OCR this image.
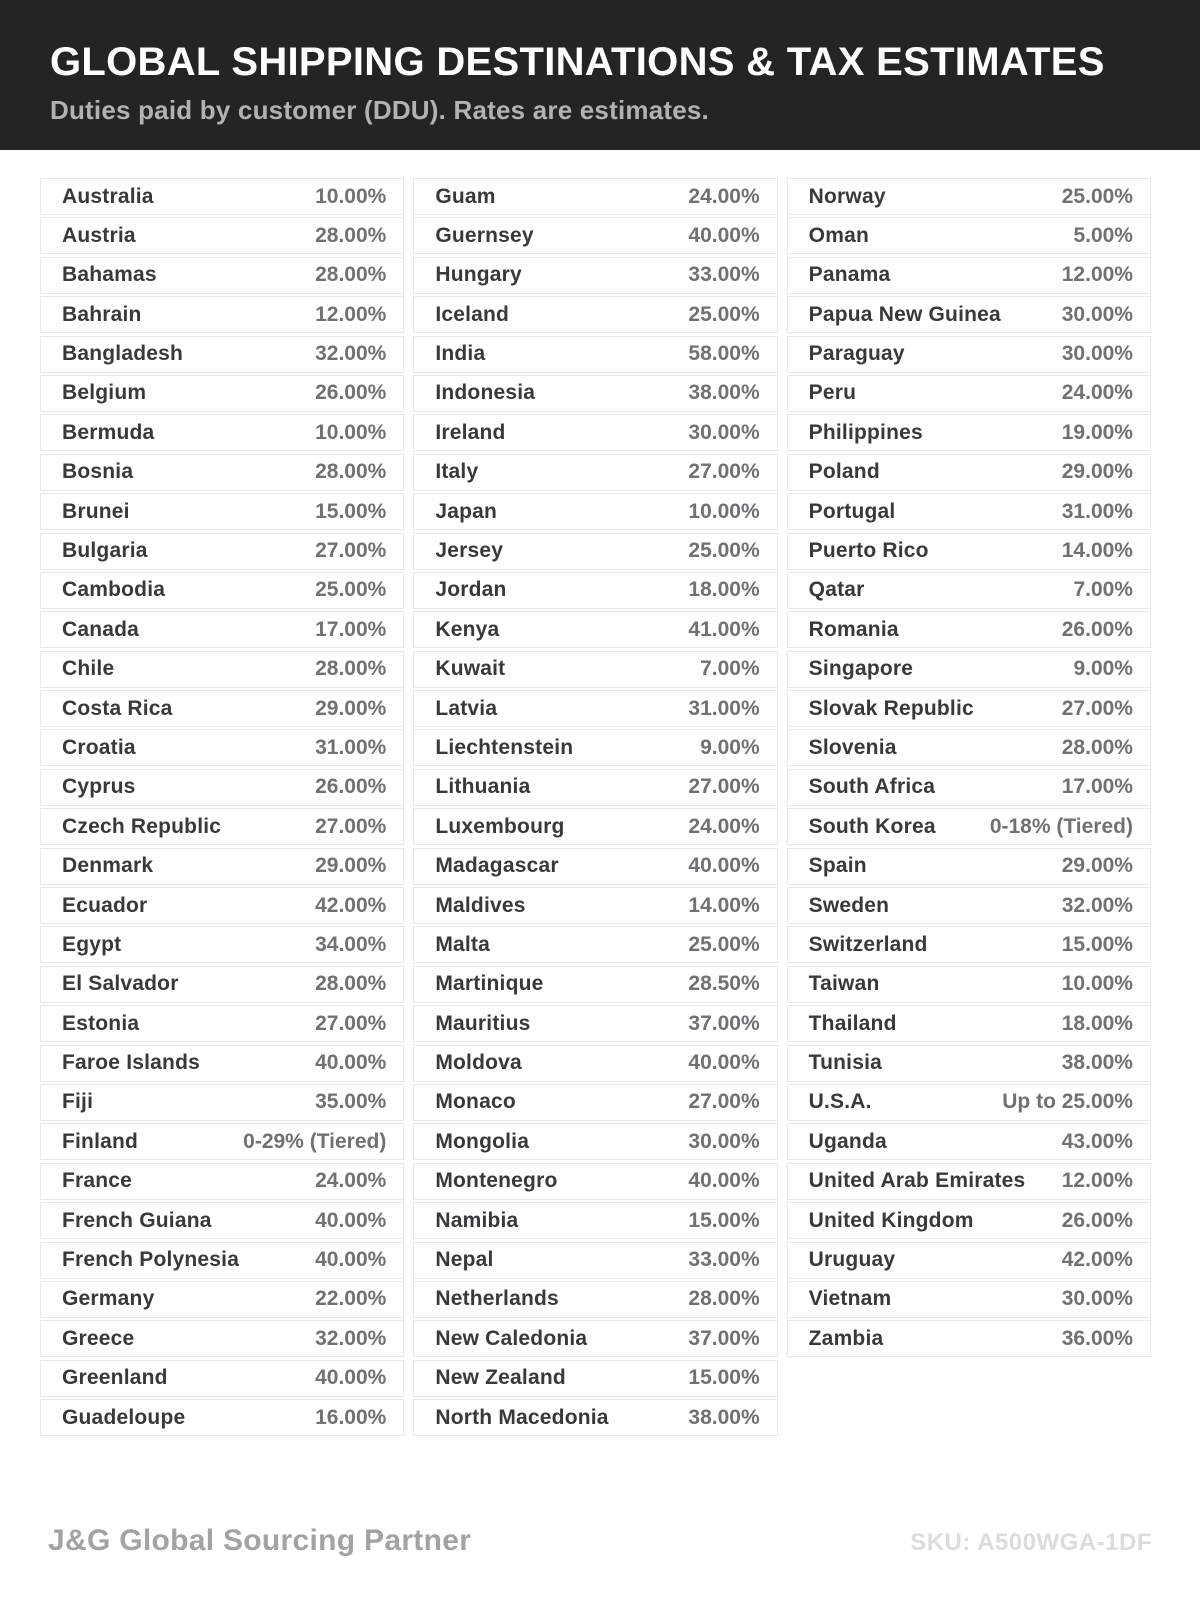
GLOBAL SHIPPING DESTINATIONS & TAX ESTIMATES
Duties paid by customer (DDU). Rates are estimates.
Australia	10.00%
Austria	28.00%
Bahamas	28.00%
Bahrain	12.00%
Bangladesh	32.00%
Belgium	26.00%
Bermuda	10.00%
Bosnia	28.00%
Brunei	15.00%
Bulgaria	27.00%
Cambodia	25.00%
Canada	17.00%
Chile	28.00%
Costa Rica	29.00%
Croatia	31.00%
Cyprus	26.00%
Czech Republic	27.00%
Denmark	29.00%
Ecuador	42.00%
Egypt	34.00%
El Salvador	28.00%
Estonia	27.00%
Faroe Islands	40.00%
Fiji	35.00%
Finland	0-29% (Tiered)
France	24.00%
French Guiana	40.00%
French Polynesia	40.00%
Germany	22.00%
Greece	32.00%
Greenland	40.00%
Guadeloupe	16.00%
Guam	24.00%
Guernsey	40.00%
Hungary	33.00%
Iceland	25.00%
India	58.00%
Indonesia	38.00%
Ireland	30.00%
Italy	27.00%
Japan	10.00%
Jersey	25.00%
Jordan	18.00%
Kenya	41.00%
Kuwait	7.00%
Latvia	31.00%
Liechtenstein	9.00%
Lithuania	27.00%
Luxembourg	24.00%
Madagascar	40.00%
Maldives	14.00%
Malta	25.00%
Martinique	28.50%
Mauritius	37.00%
Moldova	40.00%
Monaco	27.00%
Mongolia	30.00%
Montenegro	40.00%
Namibia	15.00%
Nepal	33.00%
Netherlands	28.00%
New Caledonia	37.00%
New Zealand	15.00%
North Macedonia	38.00%
Norway	25.00%
Oman	5.00%
Panama	12.00%
Papua New Guinea	30.00%
Paraguay	30.00%
Peru	24.00%
Philippines	19.00%
Poland	29.00%
Portugal	31.00%
Puerto Rico	14.00%
Qatar	7.00%
Romania	26.00%
Singapore	9.00%
Slovak Republic	27.00%
Slovenia	28.00%
South Africa	17.00%
South Korea	0-18% (Tiered)
Spain	29.00%
Sweden	32.00%
Switzerland	15.00%
Taiwan	10.00%
Thailand	18.00%
Tunisia	38.00%
U.S.A.	Up to 25.00%
Uganda	43.00%
United Arab Emirates 12.00%
United Kingdom	26.00%
Uruguay	42.00%
Vietnam	30.00%
Zambia	36.00%
J&G Global Sourcing Partner	SKU: A500WGA-1DF
